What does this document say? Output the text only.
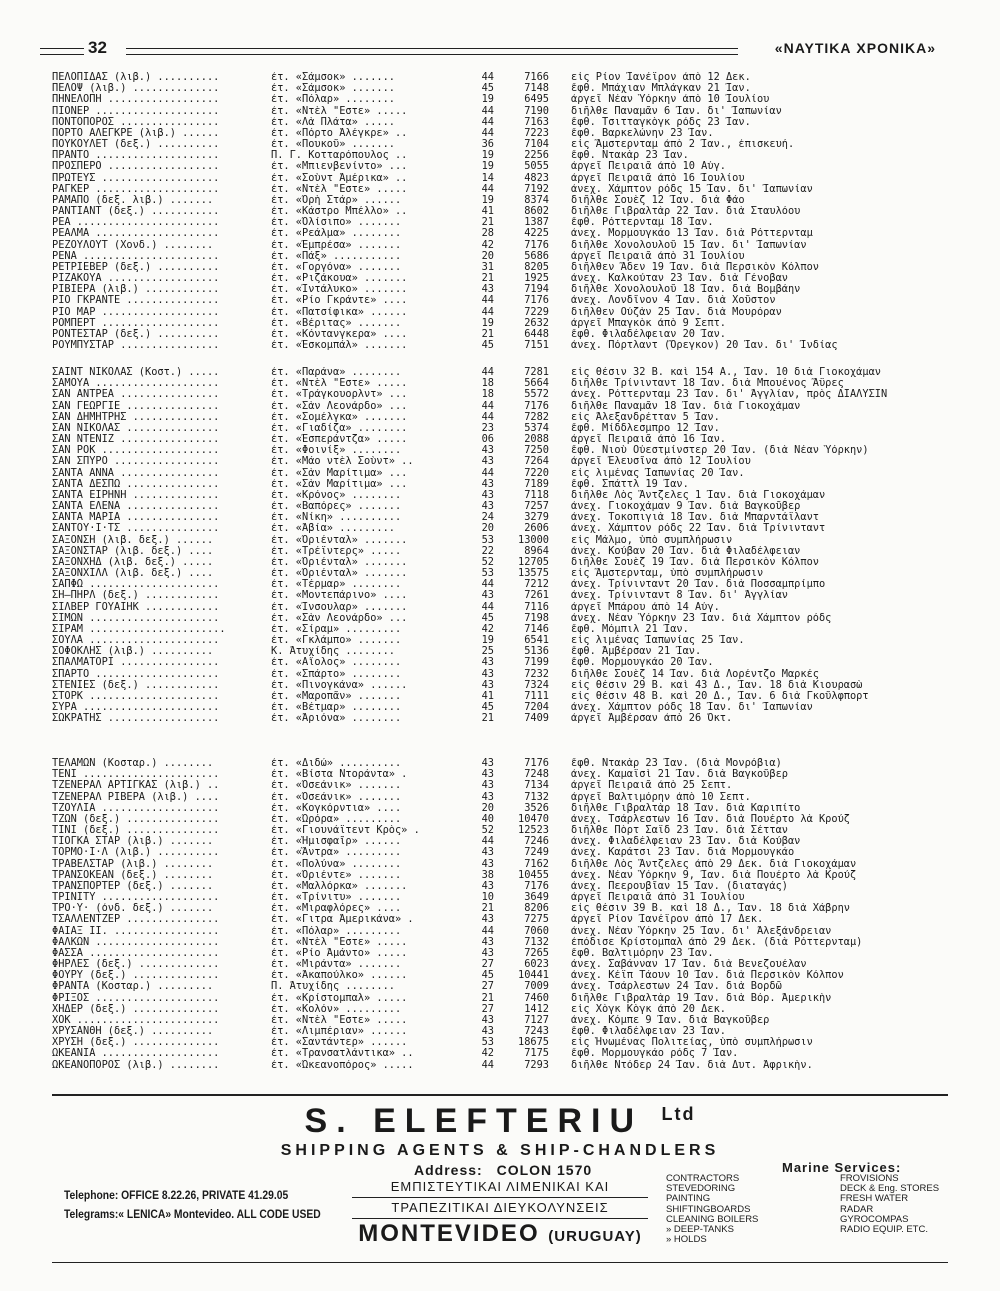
32	«ΝΑΥΤΙΚΑ ΧΡΟΝΙΚΑ»
ΠΕΛΟΠΙΔΑΣ (λιβ.) ..........	ἐτ. «Σάμσοκ» .......	44	7166 εἰς Ρίον Ἰανέϊρον ἀπὸ 12 Δεκ.
ΠΕΛΟΨ (λιβ.) ..............	ἐτ. «Σάμσοκ» .......	45	7148 ἔφθ. Μπάχιαν Μπλάγκαν 21 Ἰαν.
ΠΗΝΕΛΟΠΗ ..................	ἐτ. «Πόλαρ» ........	19	6495 ἀργεῖ Νέαν Ὑόρκην ἀπὸ 10 Ἰουλίου
ΠΙΟΝΕΡ ....................	ἐτ. «Ντὲλ "Εστε» .....	44	7190 διῆλθε Παναμᾶν 6 Ἰαν. δι' Ἰαπωνίαν
ΠΟΝΤΟΠΟΡΟΣ ................	ἐτ. «Λὰ Πλάτα» .....	44	7163 ἔφθ. Τσιτταγκὸγκ ρόδς 23 Ἰαν.
ΠΟΡΤΟ ΑΛΕΓΚΡΕ (λιβ.) ......	ἐτ. «Πόρτο Ἀλέγκρε» ..	44	7223 ἔφθ. Βαρκελώνην 23 Ἰαν.
ΠΟΥΚΟΥΛΕΤ (δεξ.) ..........	ἐτ. «Πουκοῦ» .......	36	7104 εἰς Ἄμστερνταμ ἀπὸ 2 Ἰαν., ἐπισκευή.
ΠΡΑΝΤΟ ....................	Π. Γ. Κοτταρόπουλος ..	19	2256 ἔφθ. Ντακὰρ 23 Ἰαν.
ΠΡΟΣΠΕΡΟ ..................	ἐτ. «Μπιενβενίντο» ...	19	5055 ἀργεῖ Πειραιᾶ ἀπὸ 10 Αὐγ.
ΠΡΩΤΕΥΣ ...................	ἐτ. «Σοὺντ Ἀμέρικα» ..	14	4823 ἀργεῖ Πειραιᾶ ἀπὸ 16 Ἰουλίου
ΡΑΓΚΕΡ ....................	ἐτ. «Ντὲλ "Εστε» .....	44	7192 ἀνεχ. Χάμπτον ρόδς 15 Ἰαν. δι' Ἰαπωνίαν
ΡΑΜΑΠΟ (δεξ. λιβ.) .......	ἐτ. «Ὀρὴ Στάρ» ......	19	8374 διῆλθε Σουὲζ 12 Ἰαν. διὰ Φάο
ΡΑΝΤΙΑΝΤ (δεξ.) ...........	ἐτ. «Κάστρο Μπέλλο» ..	41	8602 διῆλθε Γιβραλτὰρ 22 Ἰαν. διὰ Σταυλόου
ΡΕΑ .......................	ἐτ. «Ὀλίσιπο» .......	21	1387 ἔφθ. Ρόττερνταμ 18 Ἰαν.
ΡΕΑΛΜΑ ....................	ἐτ. «Ρεάλμα» ........	28	4225 ἀνεχ. Μορμουγκάο 13 Ἰαν. διὰ Ρόττερνταμ
ΡΕΖΟΥΛΟΥΤ (Χονδ.) ........	ἐτ. «Ἐμπρέσα» .......	42	7176 διῆλθε Χονολουλοῦ 15 Ἰαν. δι' Ἰαπωνίαν
ΡΕΝΑ ......................	ἐτ. «Πάξ» ...........	20	5686 ἀργεῖ Πειραιᾶ ἀπὸ 31 Ἰουλίου
ΡΕΤΡΙΕΒΕΡ (δεξ.) ..........	ἐτ. «Γοργόνα» .......	31	8205 διῆλθεν Ἄδεν 19 Ἰαν. διὰ Περσικὸν Κόλπον
ΡΙΖΑΚΟΥΑ ..................	ἐτ. «Ριζάκουα» .......	21	1925 ἀνεχ. Καλκούταν 23 Ἰαν. διὰ Γένοβαν
ΡΙΒΙΕΡΑ (λιβ.) ............	ἐτ. «Ἰντάλυκο» .......	43	7194 διῆλθε Χονολουλοῦ 18 Ἰαν. διὰ Βομβάην
ΡΙΟ ΓΚΡΑΝΤΕ ...............	ἐτ. «Ρίο Γκράντε» ....	44	7176 ἀνεχ. Λονδῖνον 4 Ἰαν. διὰ Χοῦστον
ΡΙΟ ΜΑΡ ...................	ἐτ. «Πατσίφικα» ......	44	7229 διῆλθεν Οὐζὰν 25 Ἰαν. διὰ Μουρόραν
ΡΟΜΠΕΡΤ ...................	ἐτ. «Βέριτας» .......	19	2632 ἀργεῖ Μπαγκὸκ ἀπὸ 9 Σεπτ.
ΡΟΝΤΕΣΤΑΡ (δεξ.) ..........	ἐτ. «Κόντανγκερα» ....	21	6448 ἔφθ. Φιλαδέλφειαν 20 Ἰαν.
ΡΟΥΜΠΥΣΤΑΡ ................	ἐτ. «Ἐσκομπάλ» .......	45	7151 ἀνεχ. Πόρτλαντ (Ὄρεγκον) 20 Ἰαν. δι' Ἰνδίας
ΣΑΙΝΤ ΝΙΚΟΛΑΣ (Κοστ.) .....	ἐτ. «Παράνα» ........	44	7281 εἰς θέσιν 32 Β. καὶ 154 Α., Ἰαν. 10 διὰ Γιοκοχάμαν
ΣΑΜΟΥΑ ....................	ἐτ. «Ντὲλ "Εστε» .....	18	5664 διῆλθε Τρίνινταντ 18 Ἰαν. διὰ Μπουένος Ἄϋρες
ΣΑΝ ΑΝΤΡΕΑ ................	ἐτ. «Τράγκουορλντ» ...	18	5572 ἀνεχ. Ρόττερνταμ 23 Ἰαν. δι' Ἀγγλίαν, πρὸς ΔΙΑΛΥΣΙΝ
ΣΑΝ ΓΕΩΡΓΙΕ ...............	ἐτ. «Σὰν Λεονάρδο» ...	44	7176 διῆλθε Παναμᾶν 18 Ἰαν. διὰ Γιοκοχάμαν
ΣΑΝ ΔΗΜΗΤΡΗΣ ..............	ἐτ. «Σομέλγκα» .......	44	7282 εἰς Ἀλεξανδρέτταν 5 Ἰαν.
ΣΑΝ ΝΙΚΟΛΑΣ ...............	ἐτ. «Γιαδίζα» ........	23	5374 ἔφθ. Μίδδλεσμπρο 12 Ἰαν.
ΣΑΝ ΝΤΕΝΙΖ ................	ἐτ. «Ἐσπεράντζα» .....	06	2088 ἀργεῖ Πειραιᾶ ἀπὸ 16 Ἰαν.
ΣΑΝ ΡΟΚ ...................	ἐτ. «Φοινίξ» ........	43	7250 ἔφθ. Νιοὺ Οὐεστμίνστερ 20 Ἰαν. (διὰ Νέαν Ὑόρκην)
ΣΑΝ ΣΠΥΡΟ .................	ἐτ. «Μάο ντὲλ Σοὺντ» ..	43	7264 ἀργεῖ Ἐλευσῖνα ἀπὸ 12 Ἰουλίου
ΣΑΝΤΑ ΑΝΝΑ ................	ἐτ. «Σὰν Μαρίτιμα» ...	44	7220 εἰς λιμένας Ἰαπωνίας 20 Ἰαν.
ΣΑΝΤΑ ΔΕΣΠΩ ...............	ἐτ. «Σὰν Μαρίτιμα» ...	43	7189 ἔφθ. Σπάττλ 19 Ἰαν.
ΣΑΝΤΑ ΕΙΡΗΝΗ ..............	ἐτ. «Κρόνος» ........	43	7118 διῆλθε Λὸς Ἄντζελες 1 Ἰαν. διὰ Γιοκοχάμαν
ΣΑΝΤΑ ΕΛΕΝΑ ...............	ἐτ. «Βαπόρες» .......	43	7257 ἀνεχ. Γιοκοχάμαν 9 Ἰαν. διὰ Βαγκοῦβερ
ΣΑΝΤΑ ΜΑΡΙΑ ...............	ἐτ. «Νίκη» ..........	24	3279 ἀνεχ. Τοκοπιγιὰ 18 Ἰαν. διὰ Μπαρντάϊλαντ
ΣΑΝΤΟΥ·Ι·ΤΣ ...............	ἐτ. «Ἀβία» .........	20	2606 ἀνεχ. Χάμπτον ρόδς 22 Ἰαν. διὰ Τρίνινταντ
ΣΑΞΟΝΣΗ (λιβ. δεξ.) ......	ἐτ. «Ὀριένταλ» .......	53	13000 εἰς Μάλμο, ὑπὸ συμπλήρωσιν
ΣΑΞΟΝΣΤΑΡ (λιβ. δεξ.) ....	ἐτ. «Τρέϊντερς» .....	22	8964 ἀνεχ. Κούβαν 20 Ἰαν. διὰ Φιλαδέλφειαν
ΣΑΞΟΝΧΗΔ (λιβ. δεξ.) .....	ἐτ. «Ὀριένταλ» .......	52	12705 διῆλθε Σουὲζ 19 Ἰαν. διὰ Περσικὸν Κόλπον
ΣΑΞΟΝΧΙΛΛ (λιβ. δεξ.) ....	ἐτ. «Ὀριένταλ» .......	53	13575 εἰς Ἄμστερνταμ, ὑπὸ συμπλήρωσιν
ΣΑΠΦΩ .....................	ἐτ. «Τέρμαρ» ........	44	7212 ἀνεχ. Τρίνινταντ 20 Ἰαν. διὰ Ποσσαμπρίμπο
ΣΗ—ΠΗΡΛ (δεξ.) ............	ἐτ. «Μοντεπάρινο» ....	43	7261 ἀνεχ. Τρίνινταντ 8 Ἰαν. δι' Ἀγγλίαν
ΣΙΛΒΕΡ ΓΟΥΑΙΗΚ ............	ἐτ. «Ἰνσουλαρ» .......	44	7116 ἀργεῖ Μπάρου ἀπὸ 14 Αὐγ.
ΣΙΜΩΝ .....................	ἐτ. «Σὰν Λεονάρδο» ...	45	7198 ἀνεχ. Νέαν Ὑόρκην 23 Ἰαν. διὰ Χάμπτον ρόδς
ΣΙΡΑΜ ......................	ἐτ. «Σίραμ» .........	42	7146 ἔφθ. Μόμπιλ 21 Ἰαν.
ΣΟΥΛΑ .....................	ἐτ. «Γκλάμπο» .......	19	6541 εἰς λιμένας Ἰαπωνίας 25 Ἰαν.
ΣΟΦΟΚΛΗΣ (λιβ.) ..........	Κ. Ἀτυχίδης ........	25	5136 ἔφθ. Ἀμβέρσαν 21 Ἰαν.
ΣΠΑΛΜΑΤΟΡΙ ................	ἐτ. «Αἴολος» ........	43	7199 ἔφθ. Μορμουγκάο 20 Ἰαν.
ΣΠΑΡΤΟ ....................	ἐτ. «Σπάρτο» ........	43	7232 διῆλθε Σουὲζ 14 Ἰαν. διὰ Λορέντζο Μαρκές
ΣΤΕΝΙΕΣ (δεξ.) ............	ἐτ. «Πινογκάνα» ......	43	7324 εἰς θέσιν 29 Β. καὶ 43 Δ., Ἰαν. 18 διὰ Κιουρασὼ
ΣΤΟΡΚ .....................	ἐτ. «Μαροπᾶν» .......	41	7111 εἰς θέσιν 48 Β. καὶ 20 Δ., Ἰαν. 6 διὰ Γκοῦλφπορτ
ΣΥΡΑ ......................	ἐτ. «Βέτμαρ» ........	45	7204 ἀνεχ. Χάμπτον ρόδς 18 Ἰαν. δι' Ἰαπωνίαν
ΣΩΚΡΑΤΗΣ ..................	ἐτ. «Ἀριόνα» ........	21	7409 ἀργεῖ Ἀμβέρσαν ἀπὸ 26 Ὀκτ.
ΤΕΛΑΜΩΝ (Κοσταρ.) ........	ἐτ. «Διδώ» ..........	43	7176 ἔφθ. Ντακὰρ 23 Ἰαν. (διὰ Μονρόβια)
ΤΕΝΙ ......................	ἐτ. «Βίστα Ντοράντα» .	43	7248 ἀνεχ. Καμαϊσὶ 21 Ἰαν. διὰ Βαγκοῦβερ
ΤΖΕΝΕΡΑΛ ΑΡΤΙΓΚΑΣ (λιβ.) ..	ἐτ. «Ὀσεάνικ» .......	43	7134 ἀργεῖ Πειραιᾶ ἀπὸ 25 Σεπτ.
ΤΖΕΝΕΡΑΛ ΡΙΒΕΡΑ (λιβ.) ....	ἐτ. «Ὀσεάνικ» .......	43	7132 ἀργεῖ Βαλτιμόρην ἀπὸ 10 Σεπτ.
ΤΖΟΥΛΙΑ ...................	ἐτ. «Κογκόρντια» ....	20	3526 διῆλθε Γιβραλτὰρ 18 Ἰαν. διὰ Καριπίτο
ΤΖΩΝ (δεξ.) ...............	ἐτ. «Ὠρόρα» .........	40	10470 ἀνεχ. Τσάρλεστων 16 Ἰαν. διὰ Πουέρτο λὰ Κρούζ
ΤΙΝΙ (δεξ.) ...............	ἐτ. «Γιουνάϊτεντ Κρὸς» .	52	12523 διῆλθε Πὸρτ Σαΐδ 23 Ἰαν. διὰ Σέτταν
ΤΙΟΓΚΑ ΣΤΑΡ (λιβ.) .......	ἐτ. «Ἡμισφαῖρ» ......	44	7246 ἀνεχ. Φιλαδέλφειαν 23 Ἰαν. διὰ Κούβαν
ΤΟΡΜΟ·Ι·Λ (λιβ.) ..........	ἐτ. «Ἄντρα» .........	43	7249 ἀνεχ. Καράτσι 23 Ἰαν. διὰ Μορμουγκάο
ΤΡΑΒΕΛΣΤΑΡ (λιβ.) ........	ἐτ. «Πολύνα» ........	43	7162 διῆλθε Λὸς Ἄντζελες ἀπὸ 29 Δεκ. διὰ Γιοκοχάμαν
ΤΡΑΝΣΟΚΕΑΝ (δεξ.) ........	ἐτ. «Ὀριέντε» .......	38	10455 ἀνεχ. Νέαν Ὑόρκην 9, Ἰαν. διὰ Πουέρτο λὰ Κρούζ
ΤΡΑΝΣΠΟΡΤΕΡ (δεξ.) .......	ἐτ. «Μαλλόρκα» .......	43	7176 ἀνεχ. Πεερουβῖαν 15 Ἰαν. (διαταγάς)
ΤΡΙΝΙΤΥ ...................	ἐτ. «Τρίνιτυ» .......	10	3649 ἀργεῖ Πειραιᾶ ἀπὸ 31 Ἰουλίου
ΤΡΟ·Υ· (ὀνδ. δεξ.) .......	ἐτ. «Μιραφλόρες» ....	21	8206 εἰς θέσιν 39 Β. καὶ 18 Δ., Ἰαν. 18 διὰ Χάβρην
ΤΣΑΛΛΕΝΤΖΕΡ ...............	ἐτ. «Γιτρα Ἀμερικάνα» .	43	7275 ἀργεῖ Ρίον Ἰανέϊρον ἀπὸ 17 Δεκ.
ΦΑΙΑΞ ΙΙ. .................	ἐτ. «Πόλαρ» .........	44	7060 ἀνεχ. Νέαν Ὑόρκην 25 Ἰαν. δι' Ἀλεξάνδρειαν
ΦΑΛΚΩΝ ....................	ἐτ. «Ντὲλ "Εστε» .....	43	7132 ἐπόδισε Κρίστομπαλ ἀπὸ 29 Δεκ. (διὰ Ρόττερνταμ)
ΦΑΣΣΑ .....................	ἐτ. «Ρίο Ἀμάντο» .....	43	7265 ἔφθ. Βαλτιμόρην 23 Ἰαν.
ΦΗΡΛΕΣ (δεξ.) .............	ἐτ. «Μιράντα» .......	27	6023 ἀνεχ. Σαβάνναν 17 Ἰαν. διὰ Βενεζουέλαν
ΦΟΥΡΥ (δεξ.) ..............	ἐτ. «Ἀκαπούλκο» ......	45	10441 ἀνεχ. Κέϊπ Τάουν 10 Ἰαν. διὰ Περσικὸν Κόλπον
ΦΡΑΝΤΑ (Κοσταρ.) .........	Π. Ἀτυχίδης ........	27	7009 ἀνεχ. Τσάρλεστων 24 Ἰαν. διὰ Βορδῶ
ΦΡΙΞΟΣ ....................	ἐτ. «Κρίστομπαλ» .....	21	7460 διῆλθε Γιβραλτὰρ 19 Ἰαν. διὰ Βόρ. Ἀμερικὴν
ΧΗΔΕΡ (δεξ.) ..............	ἐτ. «Κολόν» .........	27	1412 εἰς Χὸγκ Κὸγκ ἀπὸ 20 Δεκ.
ΧΟΚ .......................	ἐτ. «Ντὲλ "Εστε» .....	43	7127 ἀνεχ. Κόμπε 9 Ἰαν. διὰ Βαγκοῦβερ
ΧΡΥΣΑΝΘΗ (δεξ.) ..........	ἐτ. «Λιμπέριαν» ......	43	7243 ἔφθ. Φιλαδέλφειαν 23 Ἰαν.
ΧΡΥΣΗ (δεξ.) ..............	ἐτ. «Σαντάντερ» ......	53	18675 εἰς Ἡνωμένας Πολιτείας, ὑπὸ συμπλήρωσιν
ΩΚΕΑΝΙΑ ...................	ἐτ. «Τρανσατλάντικα» ..	42	7175 ἔφθ. Μορμουγκάο ρόδς 7 Ἰαν.
ΩΚΕΑΝΟΠΟΡΟΣ (λιβ.) ........	ἐτ. «Ὠκεανοπόρος» .....	44	7293 διῆλθε Ντόδερ 24 Ἰαν. διὰ Δυτ. Ἀφρικὴν.
S. ELEFTERIU $^{Ltd}$
SHIPPING AGENTS & SHIP-CHANDLERS
Address: COLON 1570
Telephone: OFFICE 8.22.26, PRIVATE 41.29.05
Telegrams:« LENICA» Montevideo. ALL CODE USED
ΕΜΠΙΣΤΕΥΤΙΚΑΙ ΛΙΜΕΝΙΚΑΙ ΚΑΙ
ΤΡΑΠΕΖΙΤΙΚΑΙ ΔΙΕΥΚΟΛΥΝΣΕΙΣ
MONTEVIDEO (URUGUAY)
Marine Services:
CONTRACTORS
STEVEDORING
PAINTING
SHIFTINGBOARDS
CLEANING BOILERS
» DEEP-TANKS
» HOLDS
FROVISIONS
DECK & Eng. STORES
FRESH WATER
RADAR
GYROCOMPAS
RADIO EQUIP. ETC.
